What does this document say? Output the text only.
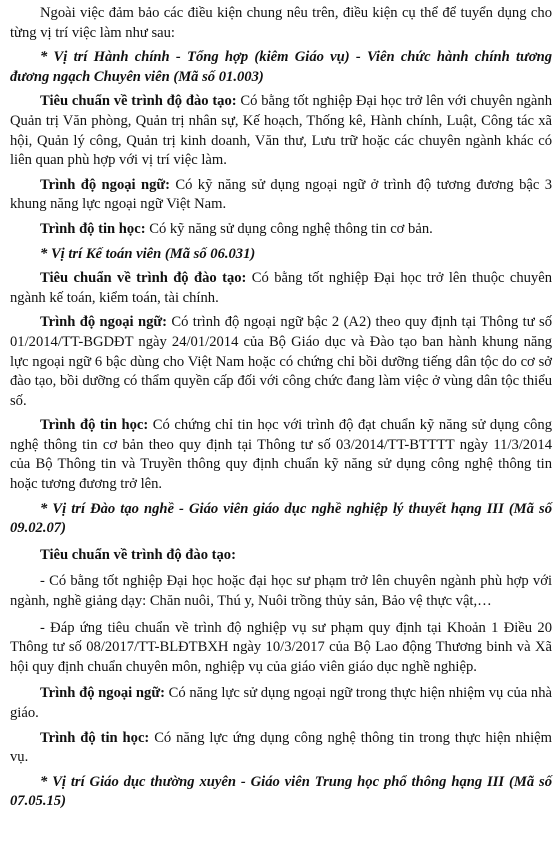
Ngoài việc đảm bảo các điều kiện chung nêu trên, điều kiện cụ thể để tuyển dụng cho từng vị trí việc làm như sau:

* Vị trí Hành chính - Tổng hợp (kiêm Giáo vụ) - Viên chức hành chính tương đương ngạch Chuyên viên (Mã số 01.003)

Tiêu chuẩn về trình độ đào tạo: Có bằng tốt nghiệp Đại học trở lên với chuyên ngành Quản trị Văn phòng, Quản trị nhân sự, Kế hoạch, Thống kê, Hành chính, Luật, Công tác xã hội, Quản lý công, Quản trị kinh doanh, Văn thư, Lưu trữ hoặc các chuyên ngành khác có liên quan phù hợp với vị trí việc làm.

Trình độ ngoại ngữ: Có kỹ năng sử dụng ngoại ngữ ở trình độ tương đương bậc 3 khung năng lực ngoại ngữ Việt Nam.

Trình độ tin học: Có kỹ năng sử dụng công nghệ thông tin cơ bản.

* Vị trí Kế toán viên (Mã số 06.031)

Tiêu chuẩn về trình độ đào tạo: Có bằng tốt nghiệp Đại học trở lên thuộc chuyên ngành kế toán, kiểm toán, tài chính.

Trình độ ngoại ngữ: Có trình độ ngoại ngữ bậc 2 (A2) theo quy định tại Thông tư số 01/2014/TT-BGDĐT ngày 24/01/2014 của Bộ Giáo dục và Đào tạo ban hành khung năng lực ngoại ngữ 6 bậc dùng cho Việt Nam hoặc có chứng chỉ bồi dưỡng tiếng dân tộc do cơ sở đào tạo, bồi dưỡng có thẩm quyền cấp đối với công chức đang làm việc ở vùng dân tộc thiểu số.

Trình độ tin học: Có chứng chỉ tin học với trình độ đạt chuẩn kỹ năng sử dụng công nghệ thông tin cơ bản theo quy định tại Thông tư số 03/2014/TT-BTTTT ngày 11/3/2014 của Bộ Thông tin và Truyền thông quy định chuẩn kỹ năng sử dụng công nghệ thông tin hoặc tương đương trở lên.

* Vị trí Đào tạo nghề - Giáo viên giáo dục nghề nghiệp lý thuyết hạng III (Mã số 09.02.07)

Tiêu chuẩn về trình độ đào tạo:

- Có bằng tốt nghiệp Đại học hoặc đại học sư phạm trở lên chuyên ngành phù hợp với ngành, nghề giảng dạy: Chăn nuôi, Thú y, Nuôi trồng thủy sản, Bảo vệ thực vật,…

- Đáp ứng tiêu chuẩn về trình độ nghiệp vụ sư phạm quy định tại Khoản 1 Điều 20 Thông tư số 08/2017/TT-BLĐTBXH ngày 10/3/2017 của Bộ Lao động Thương binh và Xã hội quy định chuẩn chuyên môn, nghiệp vụ của giáo viên giáo dục nghề nghiệp.

Trình độ ngoại ngữ: Có năng lực sử dụng ngoại ngữ trong thực hiện nhiệm vụ của nhà giáo.

Trình độ tin học: Có năng lực ứng dụng công nghệ thông tin trong thực hiện nhiệm vụ.

* Vị trí Giáo dục thường xuyên - Giáo viên Trung học phổ thông hạng III (Mã số 07.05.15)
